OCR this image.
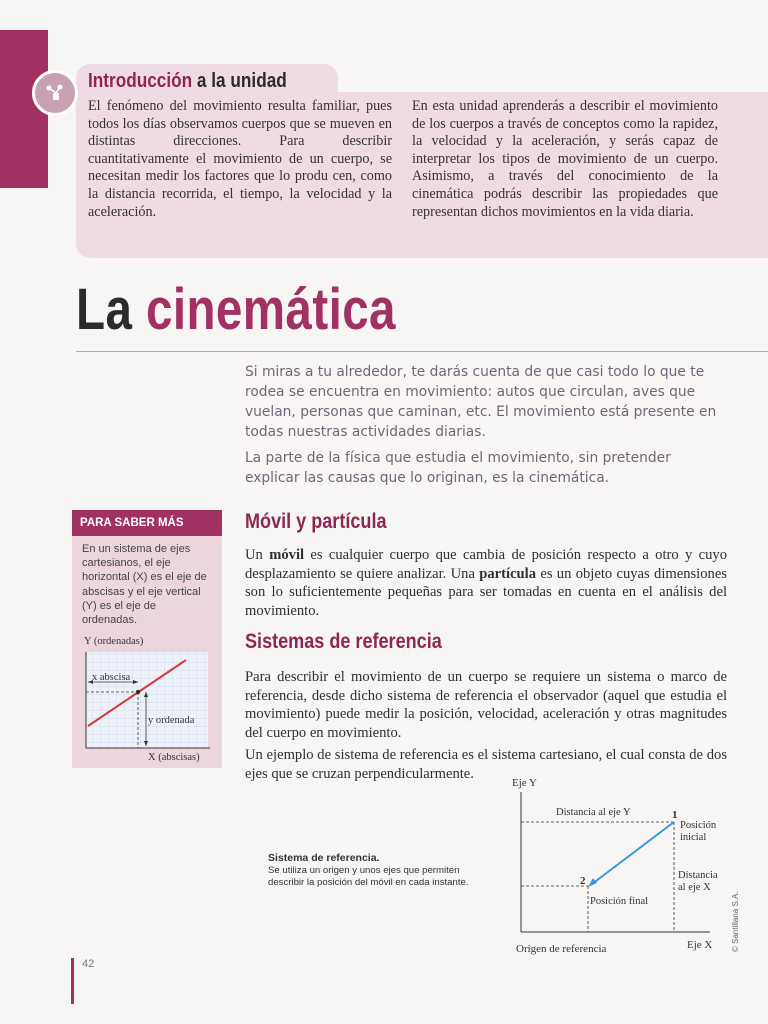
Introducción a la unidad
El fenómeno del movimiento resulta familiar, pues todos los días observamos cuerpos que se mueven en distintas direcciones. Para describir cuantitativamente el movimiento de un cuerpo, se necesitan medir los factores que lo produ cen, como la distancia recorrida, el tiempo, la velocidad y la aceleración.
En esta unidad aprenderás a describir el movimiento de los cuerpos a través de conceptos como la rapidez, la velocidad y la aceleración, y serás capaz de interpretar los tipos de movimiento de un cuerpo. Asimismo, a través del conocimiento de la cinemática podrás describir las propiedades que representan dichos movimientos en la vida diaria.
La cinemática

Si miras a tu alrededor, te darás cuenta de que casi todo lo que te rodea se encuentra en movimiento: autos que circulan, aves que vuelan, personas que caminan, etc. El movimiento está presente en todas nuestras actividades diarias.

La parte de la física que estudia el movimiento, sin pretender explicar las causas que lo originan, es la cinemática.

PARA SABER MÁS
En un sistema de ejes cartesianos, el eje horizontal (X) es el eje de abscisas y el eje vertical (Y) es el eje de ordenadas.
Y (ordenadas)
x abscisa
y ordenada
X (abscisas)
Móvil y partícula
Un móvil es cualquier cuerpo que cambia de posición respecto a otro y cuyo desplazamiento se quiere analizar. Una partícula es un objeto cuyas dimensiones son lo suficientemente pequeñas para ser tomadas en cuenta en el análisis del movimiento.
Sistemas de referencia

Para describir el movimiento de un cuerpo se requiere un sistema o marco de referencia, desde dicho sistema de referencia el observador (aquel que estudia el movimiento) puede medir la posición, velocidad, aceleración y otras magnitudes del cuerpo en movimiento.

Un ejemplo de sistema de referencia es el sistema cartesiano, el cual consta de dos ejes que se cruzan perpendicularmente.

Sistema de referencia.
Se utiliza un origen y unos ejes que permiten describir la posición del móvil en cada instante.
Eje Y
Origen de referencia	Eje X
Distancia al eje Y	1
2
Posición
inicial
Distancia
al eje X
Posición final
42
© Santillana S.A.
